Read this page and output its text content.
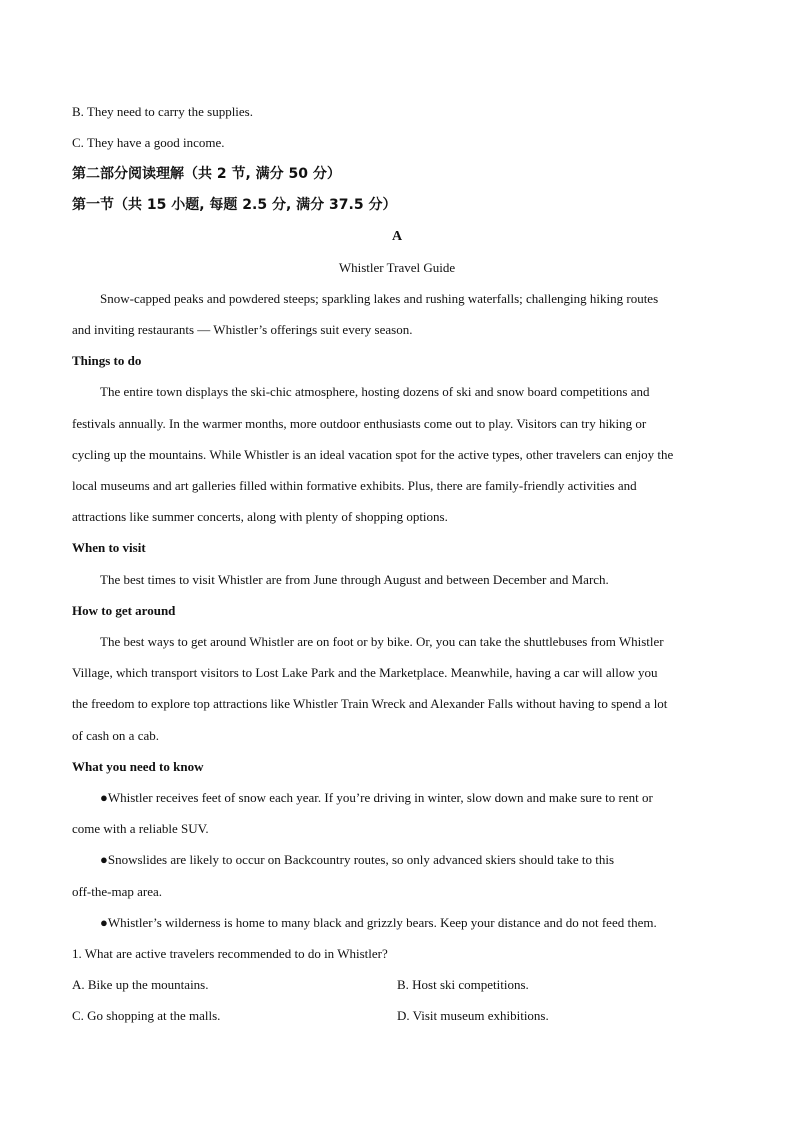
B. They need to carry the supplies.
C. They have a good income.
第二部分阅读理解（共 2 节, 满分 50 分）
第一节（共 15 小题, 每题 2.5 分, 满分 37.5 分）
A
Whistler Travel Guide
Snow-capped peaks and powdered steeps; sparkling lakes and rushing waterfalls; challenging hiking routes
and inviting restaurants — Whistler’s offerings suit every season.
Things to do
The entire town displays the ski-chic atmosphere, hosting dozens of ski and snow board competitions and
festivals annually. In the warmer months, more outdoor enthusiasts come out to play. Visitors can try hiking or
cycling up the mountains. While Whistler is an ideal vacation spot for the active types, other travelers can enjoy the
local museums and art galleries filled within formative exhibits. Plus, there are family-friendly activities and
attractions like summer concerts, along with plenty of shopping options.
When to visit
The best times to visit Whistler are from June through August and between December and March.
How to get around
The best ways to get around Whistler are on foot or by bike. Or, you can take the shuttlebuses from Whistler
Village, which transport visitors to Lost Lake Park and the Marketplace. Meanwhile, having a car will allow you
the freedom to explore top attractions like Whistler Train Wreck and Alexander Falls without having to spend a lot
of cash on a cab.
What you need to know
●Whistler receives feet of snow each year. If you’re driving in winter, slow down and make sure to rent or
come with a reliable SUV.
●Snowslides are likely to occur on Backcountry routes, so only advanced skiers should take to this
off-the-map area.
●Whistler’s wilderness is home to many black and grizzly bears. Keep your distance and do not feed them.
1. What are active travelers recommended to do in Whistler?
A. Bike up the mountains.	B. Host ski competitions.
C. Go shopping at the malls.	D. Visit museum exhibitions.
